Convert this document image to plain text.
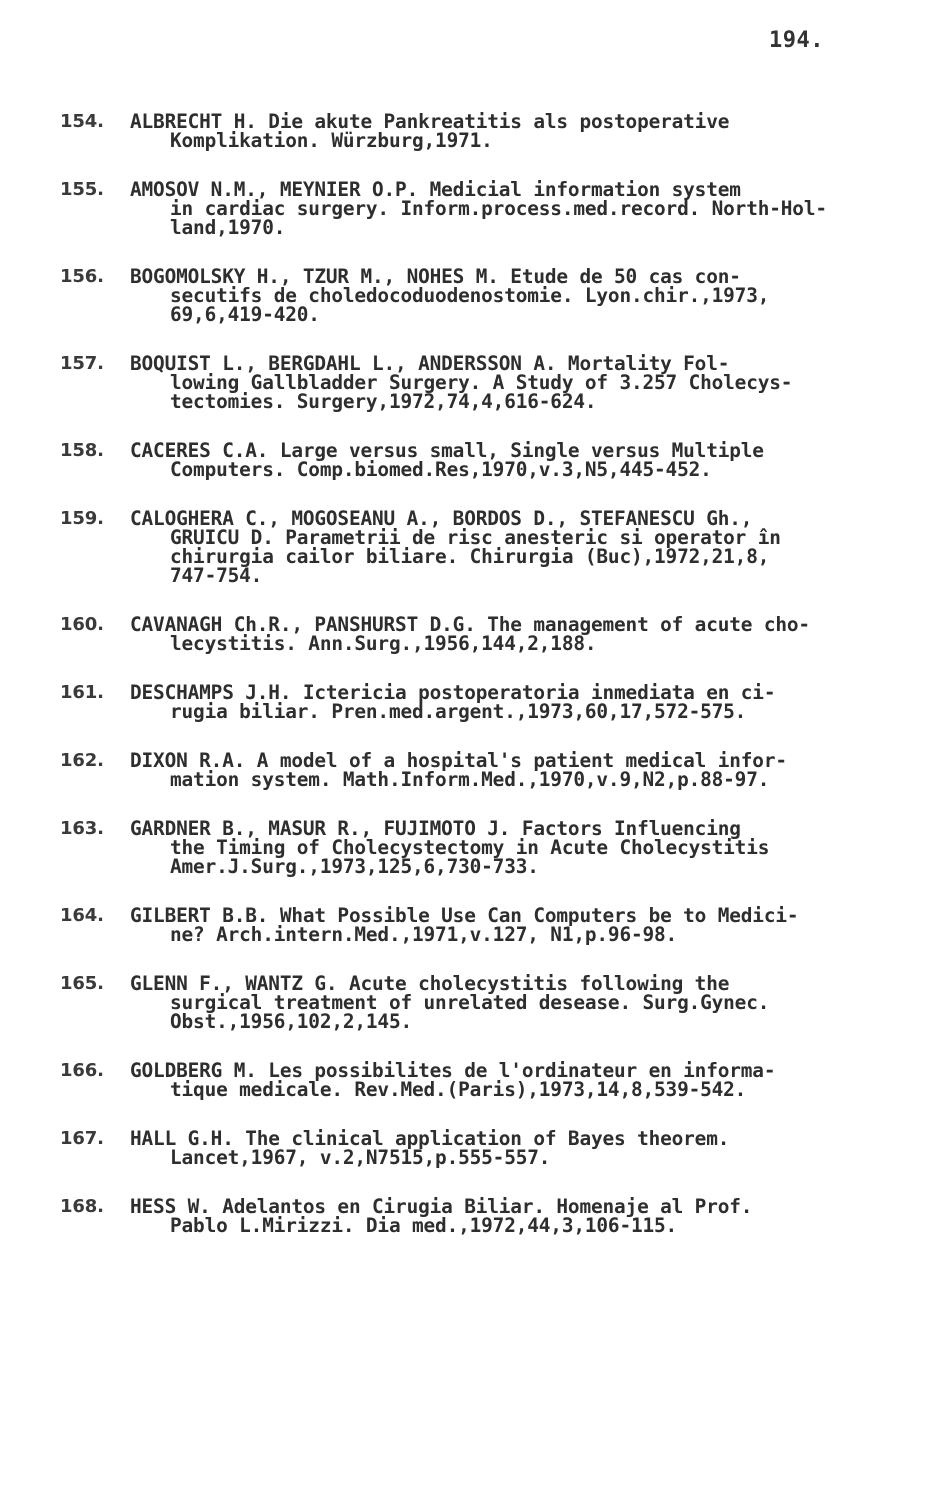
194.
154.	ALBRECHT H. Die akute Pankreatitis als postoperative
Komplikation. Würzburg,1971.
155.	AMOSOV N.M., MEYNIER O.P. Medicial information system
in cardiac surgery. Inform.process.med.record. North-Hol-
land,1970.
156.	BOGOMOLSKY H., TZUR M., NOHES M. Etude de 50 cas con-
secutifs de choledocoduodenostomie. Lyon.chir.,1973,
69,6,419-420.
157.	BOQUIST L., BERGDAHL L., ANDERSSON A. Mortality Fol-
lowing Gallbladder Surgery. A Study of 3.257 Cholecys-
tectomies. Surgery,1972,74,4,616-624.
158.	CACERES C.A. Large versus small, Single versus Multiple
Computers. Comp.biomed.Res,1970,v.3,N5,445-452.
159.	CALOGHERA C., MOGOSEANU A., BORDOS D., STEFANESCU Gh.,
GRUICU D. Parametrii de risc anesteric si operator în
chirurgia cailor biliare. Chirurgia (Buc),1972,21,8,
747-754.
160.	CAVANAGH Ch.R., PANSHURST D.G. The management of acute cho-
lecystitis. Ann.Surg.,1956,144,2,188.
161.	DESCHAMPS J.H. Ictericia postoperatoria inmediata en ci-
rugia biliar. Pren.med.argent.,1973,60,17,572-575.
162.	DIXON R.A. A model of a hospital's patient medical infor-
mation system. Math.Inform.Med.,1970,v.9,N2,p.88-97.
163.	GARDNER B., MASUR R., FUJIMOTO J. Factors Influencing
the Timing of Cholecystectomy in Acute Cholecystitis
Amer.J.Surg.,1973,125,6,730-733.
164.	GILBERT B.B. What Possible Use Can Computers be to Medici-
ne? Arch.intern.Med.,1971,v.127, N1,p.96-98.
165.	GLENN F., WANTZ G. Acute cholecystitis following the
surgical treatment of unrelated desease. Surg.Gynec.
Obst.,1956,102,2,145.
166.	GOLDBERG M. Les possibilites de l'ordinateur en informa-
tique medicale. Rev.Med.(Paris),1973,14,8,539-542.
167.	HALL G.H. The clinical application of Bayes theorem.
Lancet,1967, v.2,N7515,p.555-557.
168.	HESS W. Adelantos en Cirugia Biliar. Homenaje al Prof.
Pablo L.Mirizzi. Dia med.,1972,44,3,106-115.
